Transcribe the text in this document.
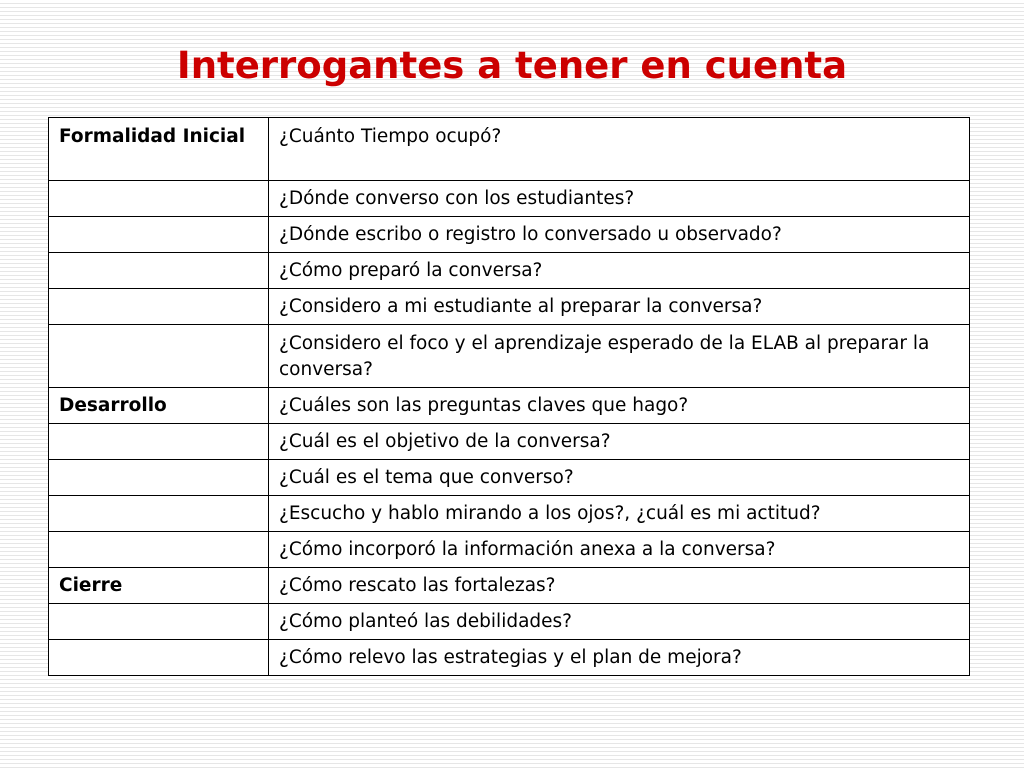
Interrogantes a tener en cuenta
Formalidad Inicial	¿Cuánto Tiempo ocupó?
	¿Dónde converso con los estudiantes?
	¿Dónde escribo o registro lo conversado u observado?
	¿Cómo preparó la conversa?
	¿Considero a mi estudiante al preparar la conversa?
	¿Considero el foco y el aprendizaje esperado de la ELAB al preparar la conversa?
Desarrollo	¿Cuáles son las preguntas claves que hago?
	¿Cuál es el objetivo de la conversa?
	¿Cuál es el tema que converso?
	¿Escucho y hablo mirando a los ojos?, ¿cuál es mi actitud?
	¿Cómo incorporó la información anexa a la conversa?
Cierre	¿Cómo rescato las fortalezas?
	¿Cómo planteó las debilidades?
	¿Cómo relevo las estrategias y el plan de mejora?
